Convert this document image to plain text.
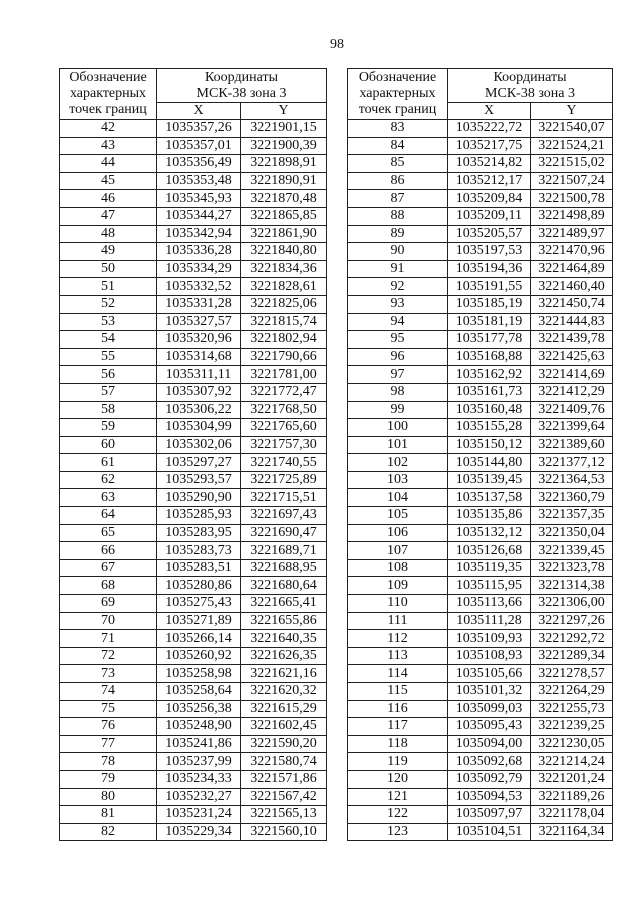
98
Обозначение
характерных
точек границ	Координаты
МСК-38 зона 3	

	X	Y
42	1035357,26	3221901,15
43	1035357,01	3221900,39
44	1035356,49	3221898,91
45	1035353,48	3221890,91
46	1035345,93	3221870,48
47	1035344,27	3221865,85
48	1035342,94	3221861,90
49	1035336,28	3221840,80
50	1035334,29	3221834,36
51	1035332,52	3221828,61
52	1035331,28	3221825,06
53	1035327,57	3221815,74
54	1035320,96	3221802,94
55	1035314,68	3221790,66
56	1035311,11	3221781,00
57	1035307,92	3221772,47
58	1035306,22	3221768,50
59	1035304,99	3221765,60
60	1035302,06	3221757,30
61	1035297,27	3221740,55
62	1035293,57	3221725,89
63	1035290,90	3221715,51
64	1035285,93	3221697,43
65	1035283,95	3221690,47
66	1035283,73	3221689,71
67	1035283,51	3221688,95
68	1035280,86	3221680,64
69	1035275,43	3221665,41
70	1035271,89	3221655,86
71	1035266,14	3221640,35
72	1035260,92	3221626,35
73	1035258,98	3221621,16
74	1035258,64	3221620,32
75	1035256,38	3221615,29
76	1035248,90	3221602,45
77	1035241,86	3221590,20
78	1035237,99	3221580,74
79	1035234,33	3221571,86
80	1035232,27	3221567,42
81	1035231,24	3221565,13
82	1035229,34	3221560,10
Обозначение
характерных
точек границ	Координаты
МСК-38 зона 3	

	X	Y
83	1035222,72	3221540,07
84	1035217,75	3221524,21
85	1035214,82	3221515,02
86	1035212,17	3221507,24
87	1035209,84	3221500,78
88	1035209,11	3221498,89
89	1035205,57	3221489,97
90	1035197,53	3221470,96
91	1035194,36	3221464,89
92	1035191,55	3221460,40
93	1035185,19	3221450,74
94	1035181,19	3221444,83
95	1035177,78	3221439,78
96	1035168,88	3221425,63
97	1035162,92	3221414,69
98	1035161,73	3221412,29
99	1035160,48	3221409,76
100	1035155,28	3221399,64
101	1035150,12	3221389,60
102	1035144,80	3221377,12
103	1035139,45	3221364,53
104	1035137,58	3221360,79
105	1035135,86	3221357,35
106	1035132,12	3221350,04
107	1035126,68	3221339,45
108	1035119,35	3221323,78
109	1035115,95	3221314,38
110	1035113,66	3221306,00
111	1035111,28	3221297,26
112	1035109,93	3221292,72
113	1035108,93	3221289,34
114	1035105,66	3221278,57
115	1035101,32	3221264,29
116	1035099,03	3221255,73
117	1035095,43	3221239,25
118	1035094,00	3221230,05
119	1035092,68	3221214,24
120	1035092,79	3221201,24
121	1035094,53	3221189,26
122	1035097,97	3221178,04
123	1035104,51	3221164,34
